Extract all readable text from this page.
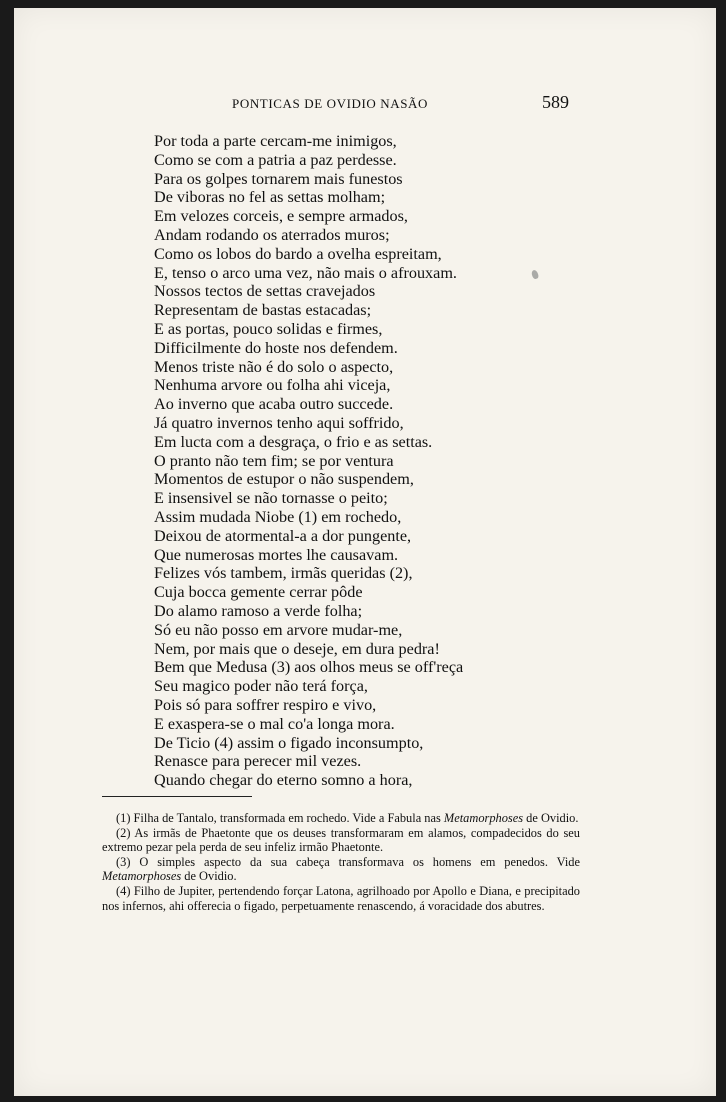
PONTICAS DE OVIDIO NASÃO	589
Por toda a parte cercam-me inimigos,
Como se com a patria a paz perdesse.
Para os golpes tornarem mais funestos
De viboras no fel as settas molham;
Em velozes corceis, e sempre armados,
Andam rodando os aterrados muros;
Como os lobos do bardo a ovelha espreitam,
E, tenso o arco uma vez, não mais o afrouxam.
Nossos tectos de settas cravejados
Representam de bastas estacadas;
E as portas, pouco solidas e firmes,
Difficilmente do hoste nos defendem.
Menos triste não é do solo o aspecto,
Nenhuma arvore ou folha ahi viceja,
Ao inverno que acaba outro succede.
Já quatro invernos tenho aqui soffrido,
Em lucta com a desgraça, o frio e as settas.
O pranto não tem fim; se por ventura
Momentos de estupor o não suspendem,
E insensivel se não tornasse o peito;
Assim mudada Niobe (1) em rochedo,
Deixou de atormental-a a dor pungente,
Que numerosas mortes lhe causavam.
Felizes vós tambem, irmãs queridas (2),
Cuja bocca gemente cerrar pôde
Do alamo ramoso a verde folha;
Só eu não posso em arvore mudar-me,
Nem, por mais que o deseje, em dura pedra!
Bem que Medusa (3) aos olhos meus se off'reça
Seu magico poder não terá força,
Pois só para soffrer respiro e vivo,
E exaspera-se o mal co'a longa mora.
De Ticio (4) assim o figado inconsumpto,
Renasce para perecer mil vezes.
Quando chegar do eterno somno a hora,
(1) Filha de Tantalo, transformada em rochedo. Vide a Fabula nas Metamorphoses de Ovidio.
(2) As irmãs de Phaetonte que os deuses transformaram em alamos, compadecidos do seu extremo pezar pela perda de seu infeliz irmão Phaetonte.
(3) O simples aspecto da sua cabeça transformava os homens em penedos. Vide Metamorphoses de Ovidio.
(4) Filho de Jupiter, pertendendo forçar Latona, agrilhoado por Apollo e Diana, e precipitado nos infernos, ahi offerecia o figado, perpetuamente renascendo, á voracidade dos abutres.
